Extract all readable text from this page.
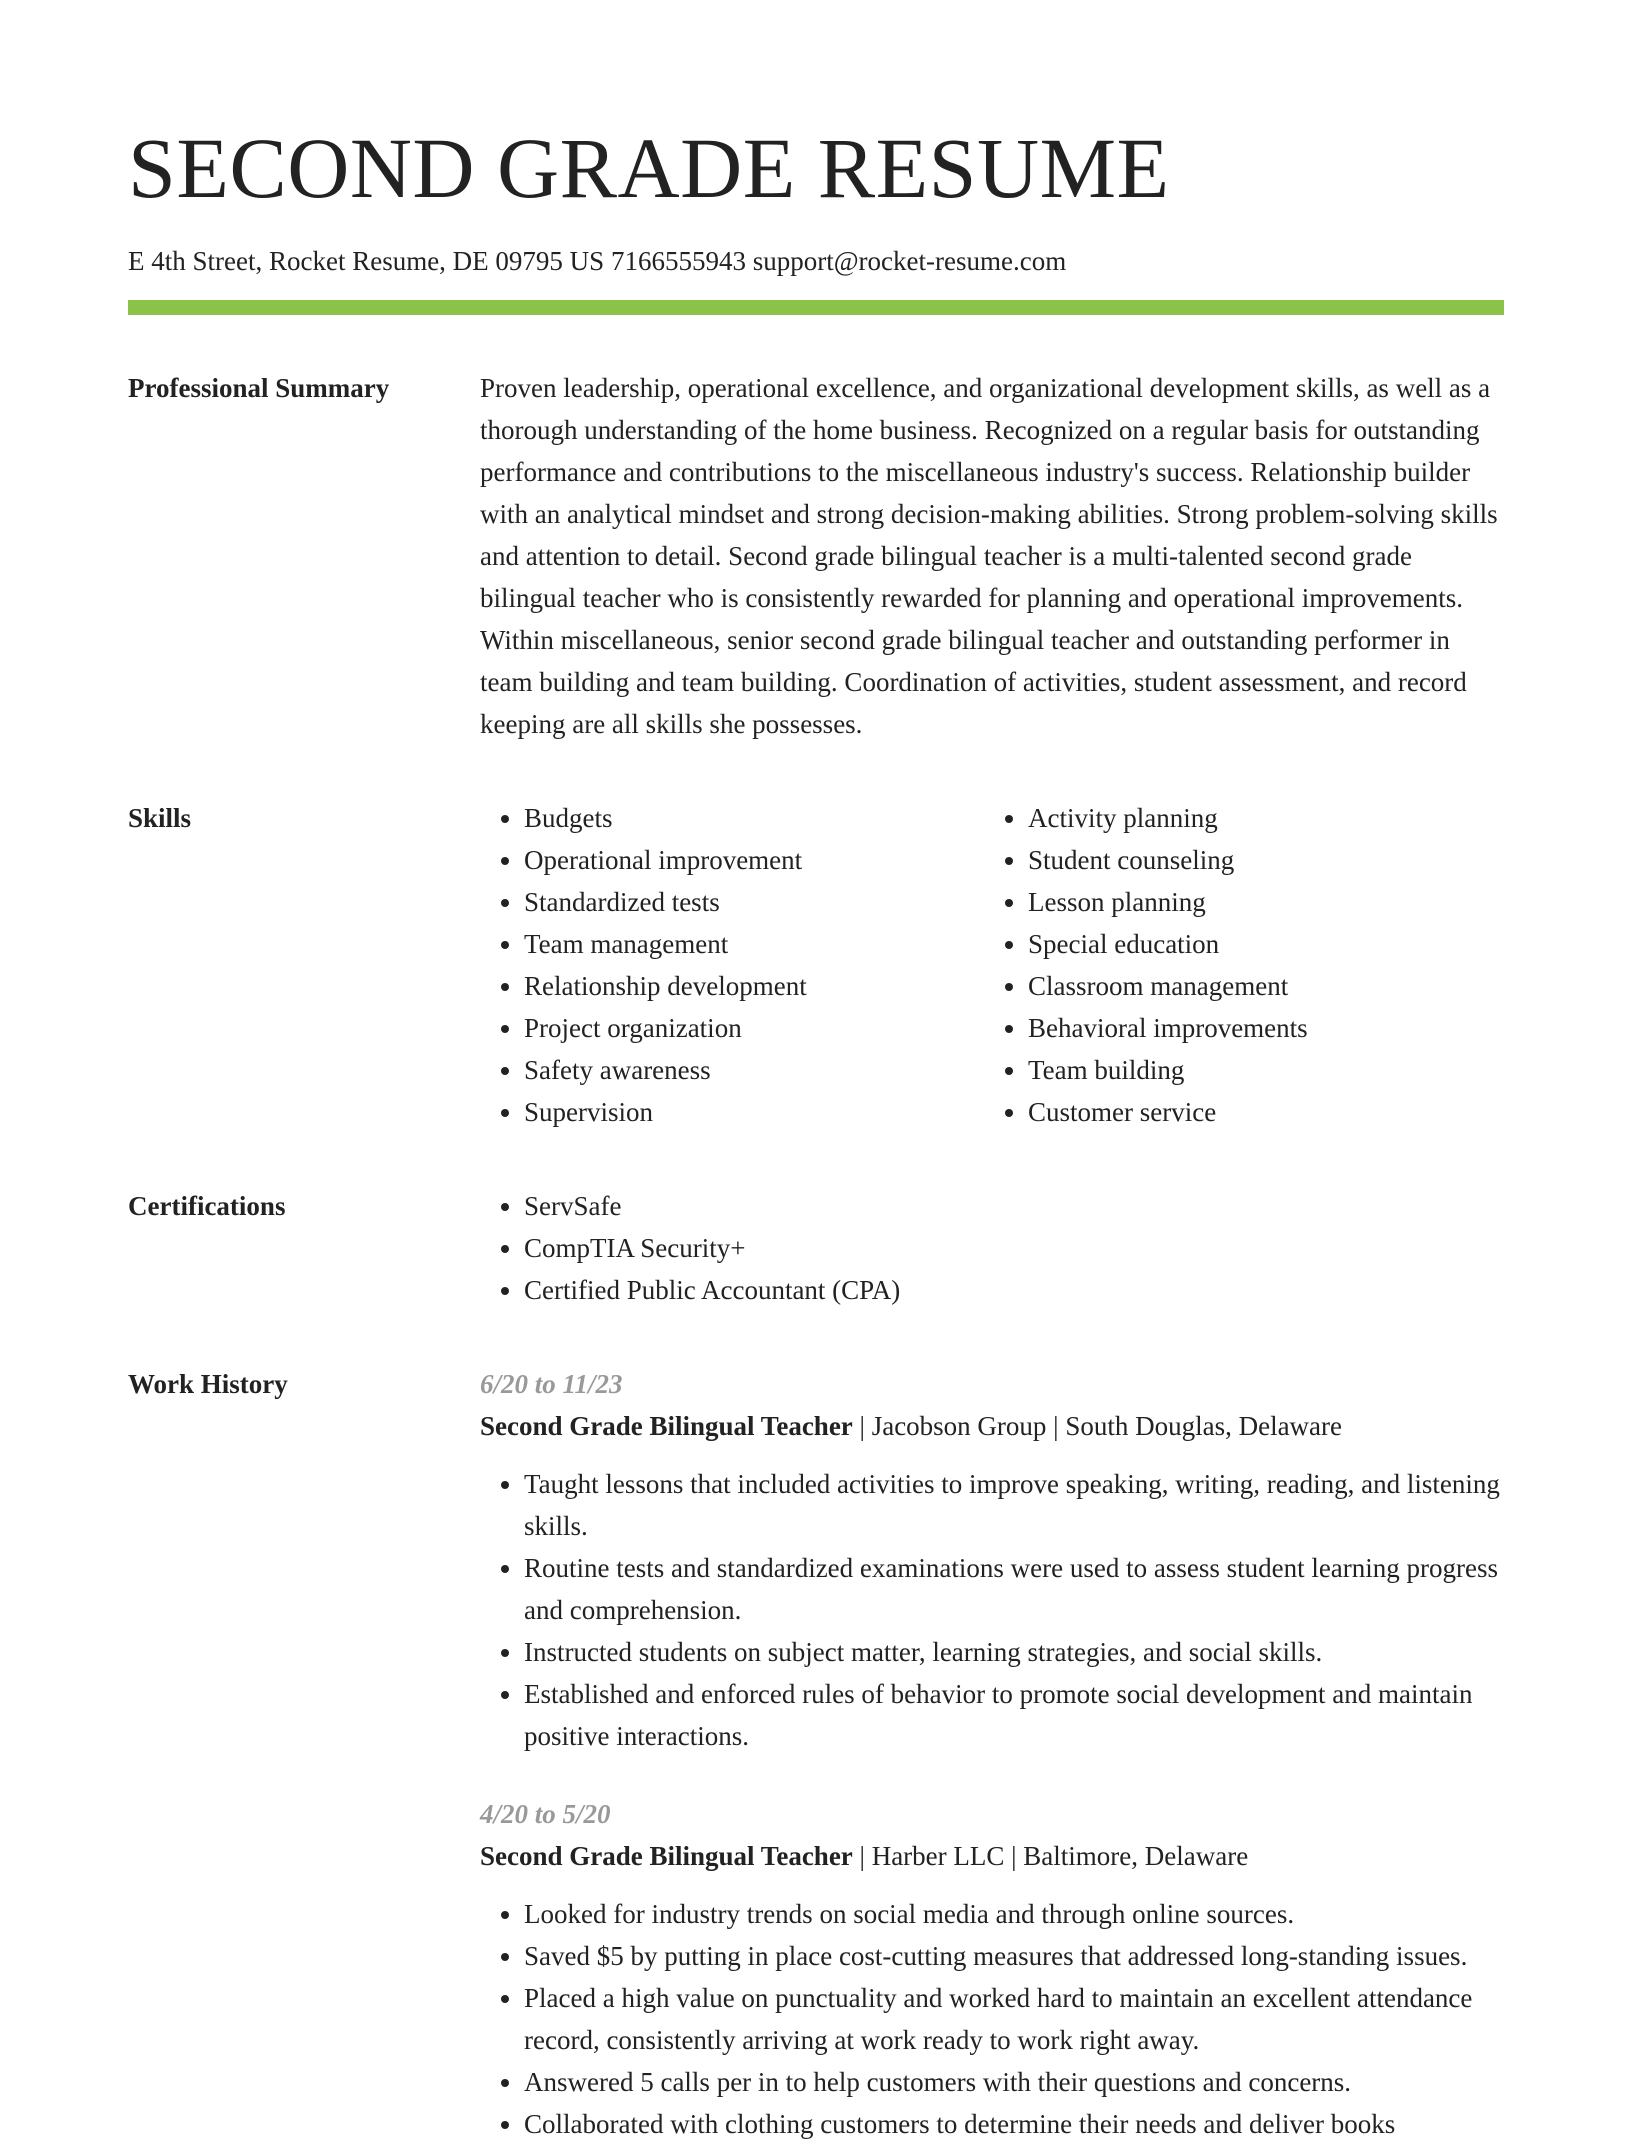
SECOND GRADE RESUME
E 4th Street, Rocket Resume, DE 09795 US 7166555943 support@rocket-resume.com
Professional Summary	Proven leadership, operational excellence, and organizational development skills, as well as a thorough understanding of the home business. Recognized on a regular basis for outstanding performance and contributions to the miscellaneous industry's success. Relationship builder with an analytical mindset and strong decision-making abilities. Strong problem-solving skills and attention to detail. Second grade bilingual teacher is a multi-talented second grade bilingual teacher who is consistently rewarded for planning and operational improvements. Within miscellaneous, senior second grade bilingual teacher and outstanding performer in team building and team building. Coordination of activities, student assessment, and record keeping are all skills she possesses.

Skills	• Budgets
• Operational improvement
• Standardized tests
• Team management
• Relationship development
• Project organization
• Safety awareness
• Supervision
• Activity planning
• Student counseling
• Lesson planning
• Special education
• Classroom management
• Behavioral improvements
• Team building
• Customer service
Certifications	• ServSafe
• CompTIA Security+
• Certified Public Accountant (CPA)
Work History	6/20 to 11/23
Second Grade Bilingual Teacher | Jacobson Group | South Douglas, Delaware
• Taught lessons that included activities to improve speaking, writing, reading, and listening skills.
• Routine tests and standardized examinations were used to assess student learning progress and comprehension.
• Instructed students on subject matter, learning strategies, and social skills.
• Established and enforced rules of behavior to promote social development and maintain positive interactions.
4/20 to 5/20
Second Grade Bilingual Teacher | Harber LLC | Baltimore, Delaware
• Looked for industry trends on social media and through online sources.
• Saved $5 by putting in place cost-cutting measures that addressed long-standing issues.
• Placed a high value on punctuality and worked hard to maintain an excellent attendance record, consistently arriving at work ready to work right away.
• Answered 5 calls per in to help customers with their questions and concerns.
• Collaborated with clothing customers to determine their needs and deliver books
